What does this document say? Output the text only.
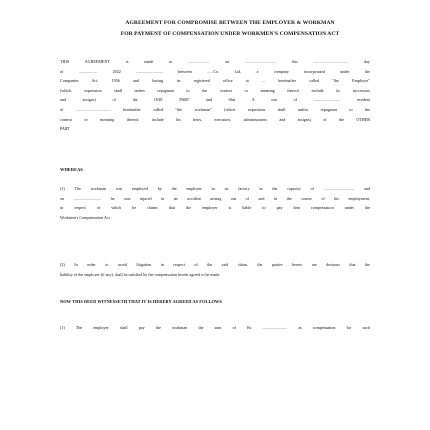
AGREEMENT FOR COMPROMISE BETWEEN THE EMPLOYER & WORKMAN
FOR PAYMENT OF COMPENSATION UNDER WORKMEN'S COMPENSATION ACT
THIS AGREEMENT is made at ..................... on .............................. this .................................. day
of .................. 2022 .......................... between ......Co. Ltd, a company incorporated under the
Companies Act, 1956 and having its registered office at ... hereinafter called "the Employer"
(which expression shall unless repugnant to the context or meaning thereof include its successors
and assigns) of the ONE PART and Shri A son of .......................... resident
of .................................. hereinafter called "the workman" (which expression shall unless repugnant to the
context or meaning thereof, include his heirs, executors, administrators and assigns) of the OTHER
PART
WHEREAS
(1) The workman was employed by the employer in its factory in the capacity of .............................. and
on ........................... he was injured in an accident arising out of and in the course of his employment,
in respect of which he claims that the employer is liable to pay him compensation under the
Workmen's Compensation Act
(2) In order to avoid litigation in respect of the said claim, the parties hereto are desirous that the
liability of the employer (if any), shall be satisfied by the compensation herein agreed to be made.
NOW THIS DEED WITNESSETH THAT IT IS HEREBY AGREED AS FOLLOWS
(1) The employer shall pay the workman the sum of Rs ........................ as compensation for such
